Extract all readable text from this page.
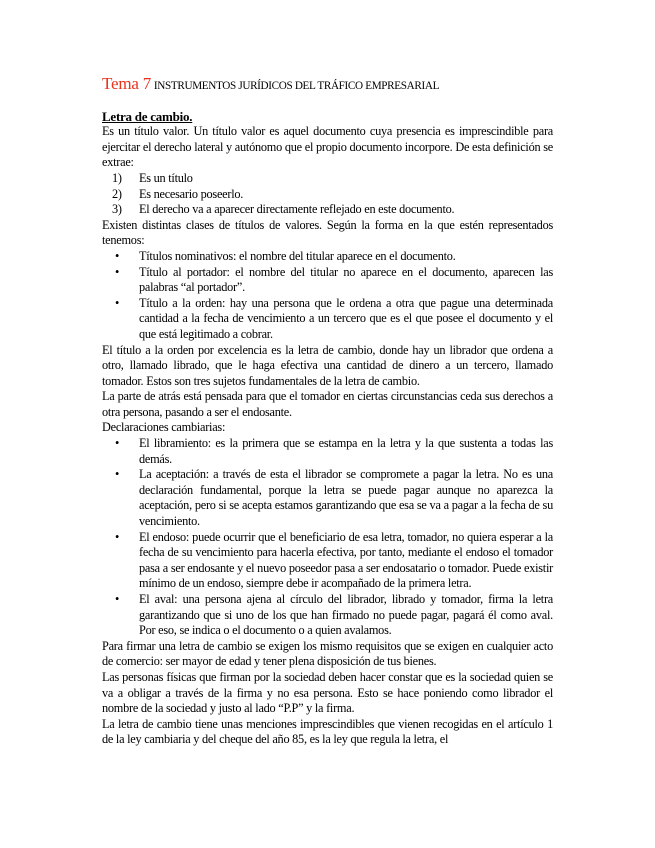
Tema 7 INSTRUMENTOS JURÍDICOS DEL TRÁFICO EMPRESARIAL
Letra de cambio.

Es un título valor. Un título valor es aquel documento cuya presencia es imprescindible para ejercitar el derecho lateral y autónomo que el propio documento incorpore. De esta definición se extrae:

1) Es un título
2) Es necesario poseerlo.
3) El derecho va a aparecer directamente reflejado en este documento.

Existen distintas clases de títulos de valores. Según la forma en la que estén representados tenemos:

• Títulos nominativos: el nombre del titular aparece en el documento.
• Título al portador: el nombre del titular no aparece en el documento, aparecen las palabras “al portador”.
• Título a la orden: hay una persona que le ordena a otra que pague una determinada cantidad a la fecha de vencimiento a un tercero que es el que posee el documento y el que está legitimado a cobrar.

El título a la orden por excelencia es la letra de cambio, donde hay un librador que ordena a otro, llamado librado, que le haga efectiva una cantidad de dinero a un tercero, llamado tomador. Estos son tres sujetos fundamentales de la letra de cambio.

La parte de atrás está pensada para que el tomador en ciertas circunstancias ceda sus derechos a otra persona, pasando a ser el endosante.

Declaraciones cambiarias:

• El libramiento: es la primera que se estampa en la letra y la que sustenta a todas las demás.
• La aceptación: a través de esta el librador se compromete a pagar la letra. No es una declaración fundamental, porque la letra se puede pagar aunque no aparezca la aceptación, pero si se acepta estamos garantizando que esa se va a pagar a la fecha de su vencimiento.
• El endoso: puede ocurrir que el beneficiario de esa letra, tomador, no quiera esperar a la fecha de su vencimiento para hacerla efectiva, por tanto, mediante el endoso el tomador pasa a ser endosante y el nuevo poseedor pasa a ser endosatario o tomador. Puede existir mínimo de un endoso, siempre debe ir acompañado de la primera letra.
• El aval: una persona ajena al círculo del librador, librado y tomador, firma la letra garantizando que si uno de los que han firmado no puede pagar, pagará él como aval. Por eso, se indica o el documento o a quien avalamos.

Para firmar una letra de cambio se exigen los mismo requisitos que se exigen en cualquier acto de comercio: ser mayor de edad y tener plena disposición de tus bienes.

Las personas físicas que firman por la sociedad deben hacer constar que es la sociedad quien se va a obligar a través de la firma y no esa persona. Esto se hace poniendo como librador el nombre de la sociedad y justo al lado “P.P” y la firma.

La letra de cambio tiene unas menciones imprescindibles que vienen recogidas en el artículo 1 de la ley cambiaria y del cheque del año 85, es la ley que regula la letra, el
